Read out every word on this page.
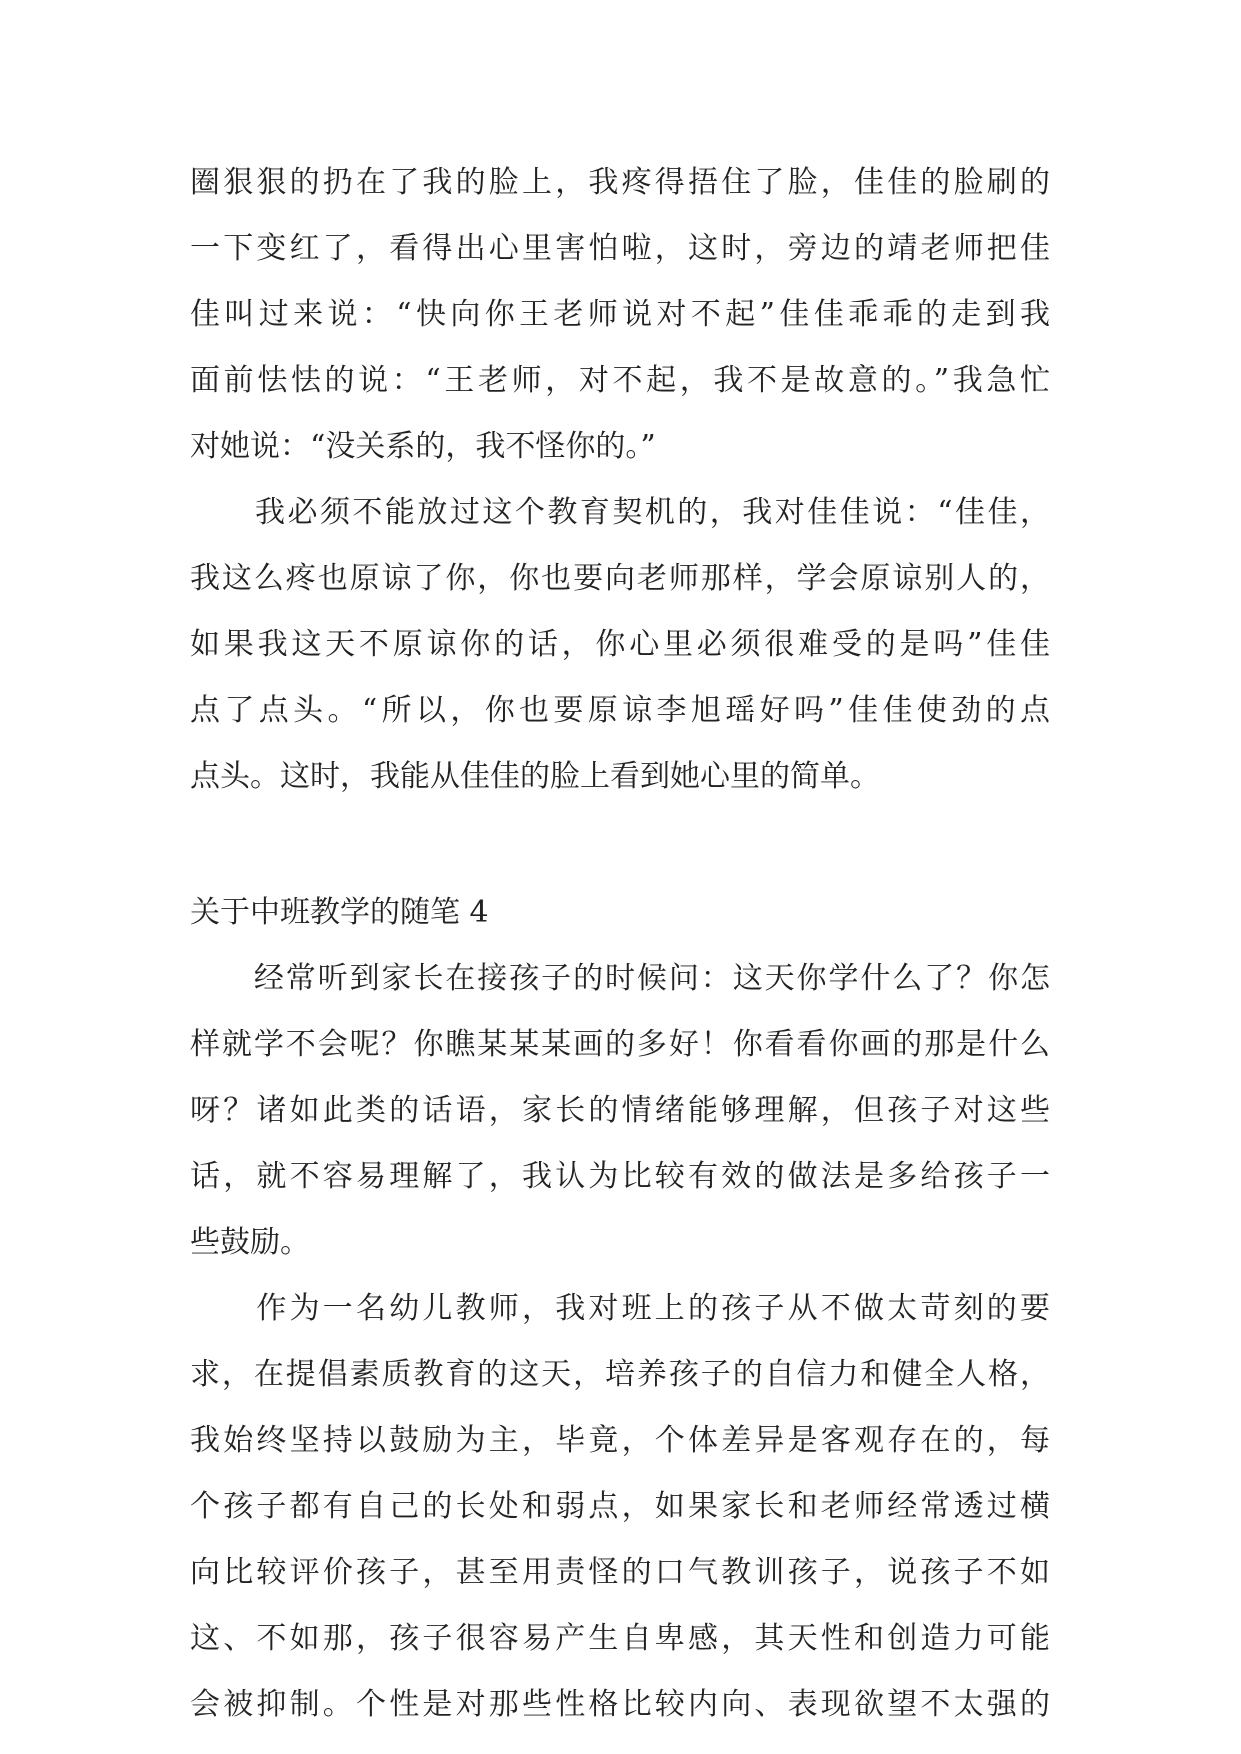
圈狠狠的扔在了我的脸上，我疼得捂住了脸，佳佳的脸刷的
一下变红了，看得出心里害怕啦，这时，旁边的靖老师把佳
佳叫过来说：“快向你王老师说对不起”佳佳乖乖的走到我
面前怯怯的说：“王老师，对不起，我不是故意的。”我急忙
对她说：“没关系的，我不怪你的。”
　　我必须不能放过这个教育契机的，我对佳佳说：“佳佳，
我这么疼也原谅了你，你也要向老师那样，学会原谅别人的，
如果我这天不原谅你的话，你心里必须很难受的是吗”佳佳
点了点头。“所以，你也要原谅李旭瑶好吗”佳佳使劲的点
点头。这时，我能从佳佳的脸上看到她心里的简单。
关于中班教学的随笔 4
　　经常听到家长在接孩子的时候问：这天你学什么了？你怎
样就学不会呢？你瞧某某某画的多好！你看看你画的那是什么
呀？诸如此类的话语，家长的情绪能够理解，但孩子对这些
话，就不容易理解了，我认为比较有效的做法是多给孩子一
些鼓励。
　　作为一名幼儿教师，我对班上的孩子从不做太苛刻的要
求，在提倡素质教育的这天，培养孩子的自信力和健全人格，
我始终坚持以鼓励为主，毕竟，个体差异是客观存在的，每
个孩子都有自己的长处和弱点，如果家长和老师经常透过横
向比较评价孩子，甚至用责怪的口气教训孩子，说孩子不如
这、不如那，孩子很容易产生自卑感，其天性和创造力可能
会被抑制。个性是对那些性格比较内向、表现欲望不太强的
